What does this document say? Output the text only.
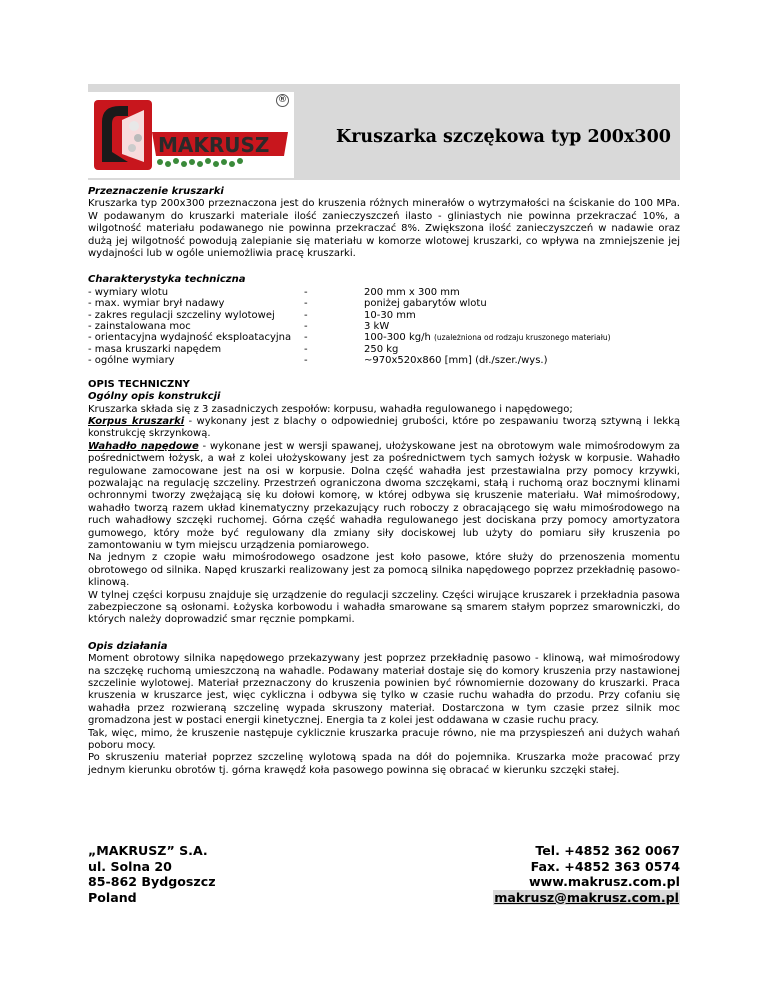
MAKRUSZ
®
Kruszarka szczękowa typ 200x300
Przeznaczenie kruszarki

Kruszarka typ 200x300 przeznaczona jest do kruszenia różnych minerałów o wytrzymałości na ściskanie do 100 MPa. W podawanym do kruszarki materiale ilość zanieczyszczeń ilasto - gliniastych nie powinna przekraczać 10%, a wilgotność materiału podawanego nie powinna przekraczać 8%. Zwiększona ilość zanieczyszczeń w nadawie oraz dużą jej wilgotność powodują zalepianie się materiału w komorze wlotowej kruszarki, co wpływa na zmniejszenie jej wydajności lub w ogóle uniemożliwia pracę kruszarki.

Charakterystyka techniczna
- wymiary wlotu	-	200 mm x 300 mm
- max. wymiar brył nadawy	-	poniżej gabarytów wlotu
- zakres regulacji szczeliny wylotowej	-	10-30 mm
- zainstalowana moc	-	3 kW
- orientacyjna wydajność eksploatacyjna	-	100-300 kg/h (uzależniona od rodzaju kruszonego materiału)
- masa kruszarki napędem	-	250 kg
- ogólne wymiary	-	~970x520x860 [mm] (dł./szer./wys.)
OPIS TECHNICZNY
Ogólny opis konstrukcji

Kruszarka składa się z 3 zasadniczych zespołów: korpusu, wahadła regulowanego i napędowego;

Korpus kruszarki - wykonany jest z blachy o odpowiedniej grubości, które po zespawaniu tworzą sztywną i lekką konstrukcję skrzynkową.

Wahadło napędowe - wykonane jest w wersji spawanej, ułożyskowane jest na obrotowym wale mimośrodowym za pośrednictwem łożysk, a wał z kolei ułożyskowany jest za pośrednictwem tych samych łożysk w korpusie. Wahadło regulowane zamocowane jest na osi w korpusie. Dolna część wahadła jest przestawialna przy pomocy krzywki, pozwalając na regulację szczeliny. Przestrzeń ograniczona dwoma szczękami, stałą i ruchomą oraz bocznymi klinami ochronnymi tworzy zwężającą się ku dołowi komorę, w której odbywa się kruszenie materiału. Wał mimośrodowy, wahadło tworzą razem układ kinematyczny przekazujący ruch roboczy z obracającego się wału mimośrodowego na ruch wahadłowy szczęki ruchomej. Górna część wahadła regulowanego jest dociskana przy pomocy amortyzatora gumowego, który może być regulowany dla zmiany siły dociskowej lub użyty do pomiaru siły kruszenia po zamontowaniu w tym miejscu urządzenia pomiarowego.

Na jednym z czopie wału mimośrodowego osadzone jest koło pasowe, które służy do przenoszenia momentu obrotowego od silnika. Napęd kruszarki realizowany jest za pomocą silnika napędowego poprzez przekładnię pasowo- klinową.

W tylnej części korpusu znajduje się urządzenie do regulacji szczeliny. Części wirujące kruszarek i przekładnia pasowa zabezpieczone są osłonami. Łożyska korbowodu i wahadła smarowane są smarem stałym poprzez smarowniczki, do których należy doprowadzić smar ręcznie pompkami.

Opis działania

Moment obrotowy silnika napędowego przekazywany jest poprzez przekładnię pasowo - klinową, wał mimośrodowy na szczękę ruchomą umieszczoną na wahadle. Podawany materiał dostaje się do komory kruszenia przy nastawionej szczelinie wylotowej. Materiał przeznaczony do kruszenia powinien być równomiernie dozowany do kruszarki. Praca kruszenia w kruszarce jest, więc cykliczna i odbywa się tylko w czasie ruchu wahadła do przodu. Przy cofaniu się wahadła przez rozwieraną szczelinę wypada skruszony materiał. Dostarczona w tym czasie przez silnik moc gromadzona jest w postaci energii kinetycznej. Energia ta z kolei jest oddawana w czasie ruchu pracy.

Tak, więc, mimo, że kruszenie następuje cyklicznie kruszarka pracuje równo, nie ma przyspieszeń ani dużych wahań poboru mocy.

Po skruszeniu materiał poprzez szczelinę wylotową spada na dół do pojemnika. Kruszarka może pracować przy jednym kierunku obrotów tj. górna krawędź koła pasowego powinna się obracać w kierunku szczęki stałej.

„MAKRUSZ” S.A.
ul. Solna 20
85-862 Bydgoszcz
Poland
Tel. +4852 362 0067
Fax. +4852 363 0574
www.makrusz.com.pl
makrusz@makrusz.com.pl
